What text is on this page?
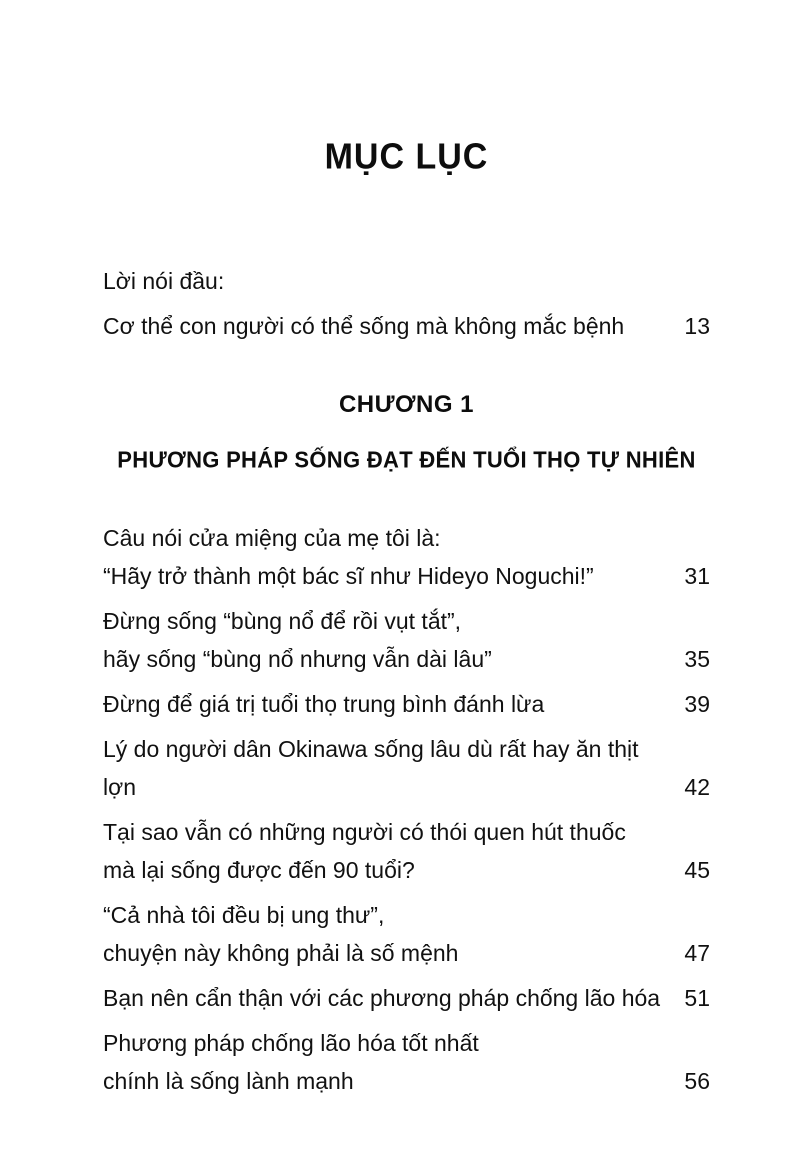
MỤC LỤC

Lời nói đầu:

Cơ thể con người có thể sống mà không mắc bệnh	13
CHƯƠNG 1
PHƯƠNG PHÁP SỐNG ĐẠT ĐẾN TUỔI THỌ TỰ NHIÊN
Câu nói cửa miệng của mẹ tôi là:
“Hãy trở thành một bác sĩ như Hideyo Noguchi!”	31
Đừng sống “bùng nổ để rồi vụt tắt”,
hãy sống “bùng nổ nhưng vẫn dài lâu”	35
Đừng để giá trị tuổi thọ trung bình đánh lừa	39
Lý do người dân Okinawa sống lâu dù rất hay ăn thịt lợn	42
Tại sao vẫn có những người có thói quen hút thuốc
mà lại sống được đến 90 tuổi?	45
“Cả nhà tôi đều bị ung thư”,
chuyện này không phải là số mệnh	47
Bạn nên cẩn thận với các phương pháp chống lão hóa	51
Phương pháp chống lão hóa tốt nhất
chính là sống lành mạnh	56
